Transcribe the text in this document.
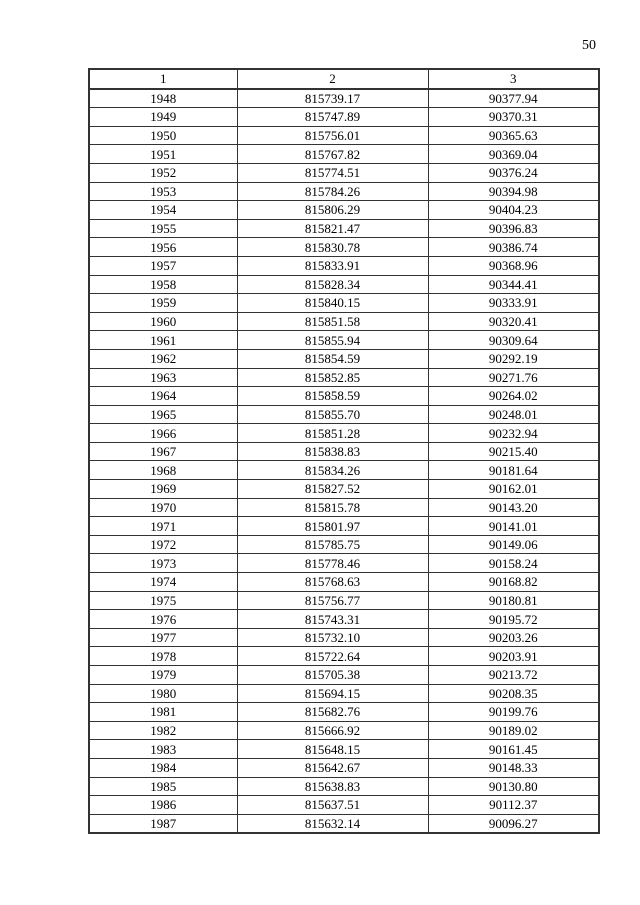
50
1	2	3
1948	815739.17	90377.94
1949	815747.89	90370.31
1950	815756.01	90365.63
1951	815767.82	90369.04
1952	815774.51	90376.24
1953	815784.26	90394.98
1954	815806.29	90404.23
1955	815821.47	90396.83
1956	815830.78	90386.74
1957	815833.91	90368.96
1958	815828.34	90344.41
1959	815840.15	90333.91
1960	815851.58	90320.41
1961	815855.94	90309.64
1962	815854.59	90292.19
1963	815852.85	90271.76
1964	815858.59	90264.02
1965	815855.70	90248.01
1966	815851.28	90232.94
1967	815838.83	90215.40
1968	815834.26	90181.64
1969	815827.52	90162.01
1970	815815.78	90143.20
1971	815801.97	90141.01
1972	815785.75	90149.06
1973	815778.46	90158.24
1974	815768.63	90168.82
1975	815756.77	90180.81
1976	815743.31	90195.72
1977	815732.10	90203.26
1978	815722.64	90203.91
1979	815705.38	90213.72
1980	815694.15	90208.35
1981	815682.76	90199.76
1982	815666.92	90189.02
1983	815648.15	90161.45
1984	815642.67	90148.33
1985	815638.83	90130.80
1986	815637.51	90112.37
1987	815632.14	90096.27
